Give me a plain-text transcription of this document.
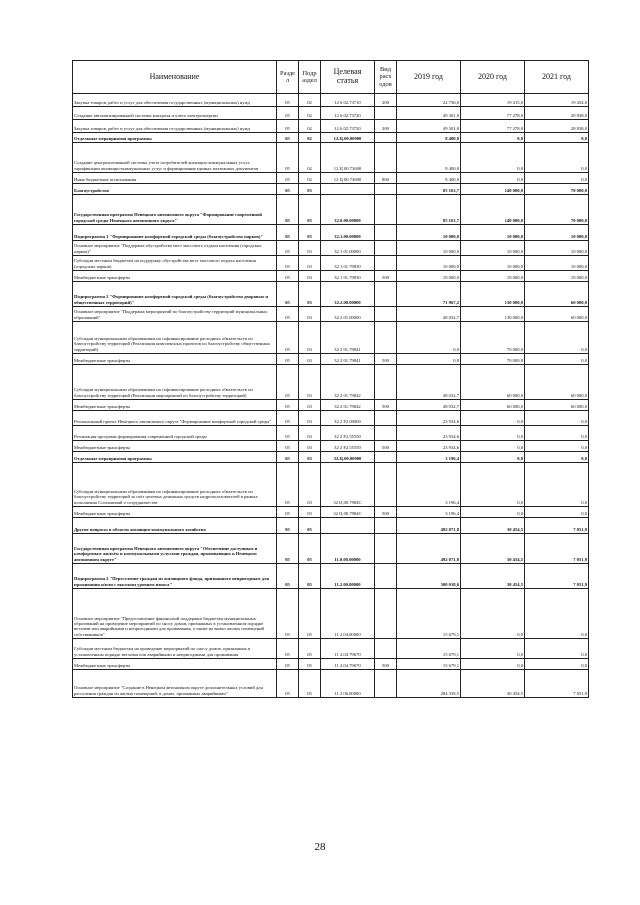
Наименование	Разде л	Подр аздел	Целевая статья	Вид расх одов	2019 год	2020 год	2021 год
Закупка товаров, работ и услуг для обеспечения государственных (муниципальных) нужд	05	02	12 6 02.73710	200	22 736,0	19 415,0	19 454,0
Создание автоматизированной системы контроля и учета электроэнергии	05	02	12 6 02.73720		49 301,0	77 278,0	28 838,0
Закупка товаров, работ и услуг для обеспечения государственных (муниципальных) нужд	05	02	12 6 02.73720	200	49 301,0	77 278,0	28 838,0
Отдельные мероприятия программы	05	02	12.Ц.00.00000		8 400,0	0,0	0,0
Создание централизованной системы учета потребителей жилищно-коммунальных услуг, тарификации жилищно-коммунальных услуг и формирования единых платежных документов	05	02	12 Ц 00.73690		8 400,0	0,0	0,0
Иные бюджетные ассигнования	05	02	12 Ц 00.73690	800	8 400,0	0,0	0,0
Благоустройство	05	03			85 163,7	140 000,0	70 000,0
Государственная программа Ненецкого автономного округа "Формирование современной городской среды Ненецкого автономного округа"	05	03	32.0.00.00000		85 163,7	140 000,0	70 000,0
Подпрограмма 1 "Формирование комфортной городской среды (благоустройство парков)"	05	03	32.1.00.00000		10 000,0	10 000,0	10 000,0
Основное мероприятие "Поддержка обустройства мест массового отдыха населения (городских парков)"	05	03	32 1.01.00000		10 000,0	10 000,0	10 000,0
Субсидии местным бюджетам на поддержку обустройства мест массового отдыха населения (городских парков)	05	03	32 1.01.79830		10 000,0	10 000,0	10 000,0
Межбюджетные трансферты	05	03	32 1 01.79830	500	10 000,0	10 000,0	10 000,0
Подпрограмма 2 "Формирование комфортной городской среды (благоустройство дворовых и общественных территорий)"	05	03	32.2.00.00000		71 967,2	130 000,0	60 000,0
Основное мероприятие "Поддержка мероприятий по благоустройству территорий муниципальных образований"	05	03	32 2.01.00000		48 032,7	130 000,0	60 000,0
Субсидии муниципальным образованиям на софинансирование расходных обязательств по благоустройству территорий (Реализация комплексных проектов по благоустройству общественных территорий)	05	03	32 2 01.79841		0,0	70 000,0	0,0
Межбюджетные трансферты	05	03	32 2 01.79841	500	0,0	70 000,0	0,0
Субсидии муниципальным образованиям на софинансирование расходных обязательств по благоустройству территорий (Реализация мероприятий по благоустройству территорий)	05	03	32 2 01.79842		48 032,7	60 000,0	60 000,0
Межбюджетные трансферты	05	03	32 2 01.79842	500	48 032,7	60 000,0	60 000,0
Региональный проект Ненецкого автономного округа "Формирование комфортной городской среды"	05	03	32 2 F2 00000		23 934,6	0,0	0,0
Реализация программ формирования современной городской среды	05	03	32 2 F2.55550		23 934,6	0,0	0,0
Межбюджетные трансферты	05	03	32 2 F2.55550	500	23 934,6	0,0	0,0
Отдельные мероприятия программы	05	03	32.Ц.00.00000		3 196,4	0,0	0,0
Субсидии муниципальным образованиям на софинансирование расходных обязательств по благоустройству территорий за счёт целевых денежных средств недропользователей в рамках исполнения Соглашений о сотрудничестве	05	03	32 Ц.00.7984С		3 196,4	0,0	0,0
Межбюджетные трансферты	05	03	32 Ц.00.7984С	500	3 196,4	0,0	0,0
Другие вопросы в области жилищно-коммунального хозяйства	05	05			492 071,8	30 454,5	7 051,9
Государственная программа Ненецкого автономного округа "Обеспечение доступным и комфортным жильём и коммунальными услугами граждан, проживающих в Ненецком автономном округе"	05	05	11.0.00.00000		492 071,8	30 454,5	7 051,9
Подпрограмма 2 "Переселение граждан из жилищного фонда, признанного непригодным для проживания и/или с высоким уровнем износа"	05	05	11.2.00.00000		300 018,6	30 454,5	7 051,9
Основное мероприятие "Предоставление финансовой поддержки бюджетам муниципальных образований на проведение мероприятий по сносу домов, признанных в установленном порядке ветхими или аварийными и непригодными для проживания, а также на вывоз жилых помещений собственников"	05	05	11 2.04.00000		15 679,1	0,0	0,0
Субсидии местным бюджетам на проведение мероприятий по сносу домов, признанных в установленном порядке ветхими или аварийными и непригодными для проживания	05	05	11 2.04 79670		15 679,1	0,0	0,0
Межбюджетные трансферты	05	05	11 2.04.79670	500	15 679,1	0,0	0,0
Основное мероприятие "Создание в Ненецком автономном округе дополнительных условий для расселения граждан из жилых помещений, в домах, признанных аварийными"	05	05	11 2 06.00000		284 339,5	30 454,5	7 051,9
28
